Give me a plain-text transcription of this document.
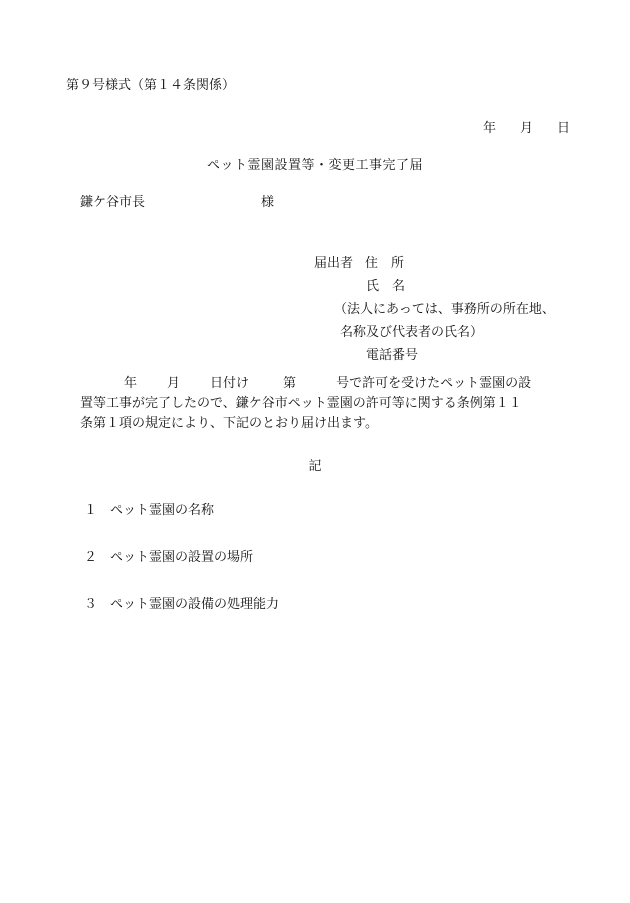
第９号様式（第１４条関係）
年 月 日
ペット霊園設置等・変更工事完了届
鎌ケ谷市長	様
届出者 住　所
氏　名
（法人にあっては、事務所の所在地、
名称及び代表者の氏名）
電話番号
年 月 日付け	第	号で許可を受けたペット霊園の設
置等工事が完了したので、鎌ケ谷市ペット霊園の許可等に関する条例第１１
条第１項の規定により、下記のとおり届け出ます。
記
１ ペット霊園の名称
２ ペット霊園の設置の場所
３ ペット霊園の設備の処理能力
